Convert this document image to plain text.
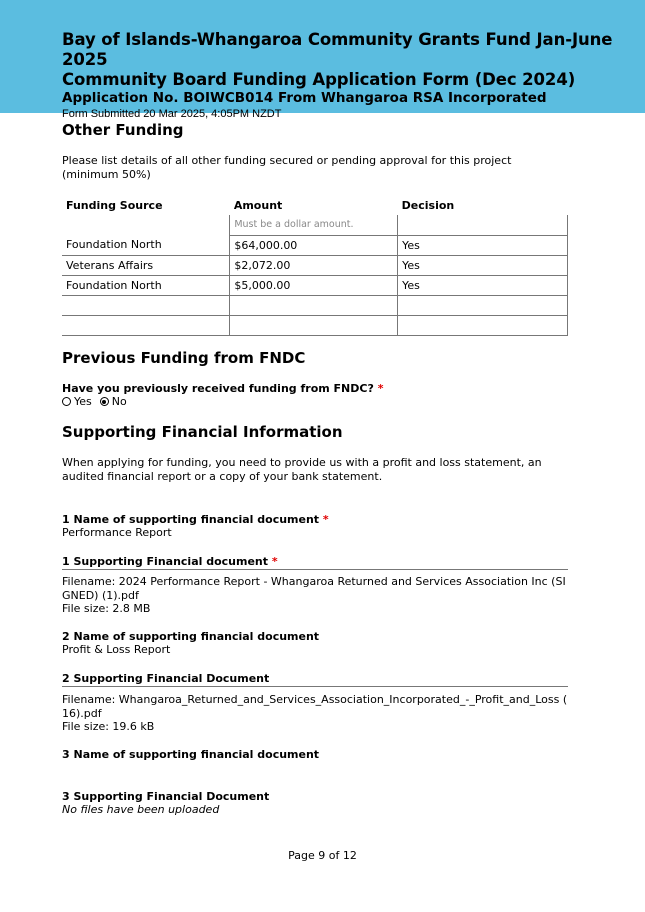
Bay of Islands-Whangaroa Community Grants Fund Jan-June 2025
Community Board Funding Application Form (Dec 2024)
Application No. BOIWCB014 From Whangaroa RSA Incorporated
Form Submitted 20 Mar 2025, 4:05PM NZDT
Other Funding
Please list details of all other funding secured or pending approval for this project (minimum 50%)
Funding Source	Amount	Decision
	Must be a dollar amount.	
Foundation North	$64,000.00	Yes
Veterans Affairs	$2,072.00	Yes
Foundation North	$5,000.00	Yes

Previous Funding from FNDC
Have you previously received funding from FNDC? *
Yes No
Supporting Financial Information
When applying for funding, you need to provide us with a profit and loss statement, an audited financial report or a copy of your bank statement.
1 Name of supporting financial document *
Performance Report
1 Supporting Financial document *
Filename: 2024 Performance Report - Whangaroa Returned and Services Association Inc (SI GNED) (1).pdf
File size: 2.8 MB
2 Name of supporting financial document
Profit & Loss Report
2 Supporting Financial Document
Filename: Whangaroa_Returned_and_Services_Association_Incorporated_-_Profit_and_Loss ( 16).pdf
File size: 19.6 kB
3 Name of supporting financial document
3 Supporting Financial Document
No files have been uploaded
Page 9 of 12
